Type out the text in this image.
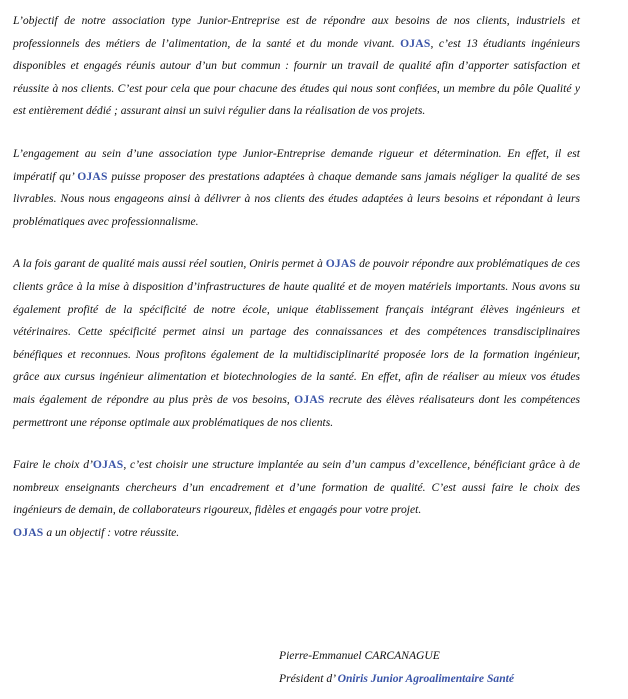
L’objectif de notre association type Junior-Entreprise est de répondre aux besoins de nos clients, industriels et professionnels des métiers de l’alimentation, de la santé et du monde vivant. OJAS, c’est 13 étudiants ingénieurs disponibles et engagés réunis autour d’un but commun : fournir un travail de qualité afin d’apporter satisfaction et réussite à nos clients. C’est pour cela que pour chacune des études qui nous sont confiées, un membre du pôle Qualité y est entièrement dédié ; assurant ainsi un suivi régulier dans la réalisation de vos projets.

L’engagement au sein d’une association type Junior-Entreprise demande rigueur et détermination. En effet, il est impératif qu’ OJAS puisse proposer des prestations adaptées à chaque demande sans jamais négliger la qualité de ses livrables. Nous nous engageons ainsi à délivrer à nos clients des études adaptées à leurs besoins et répondant à leurs problématiques avec professionnalisme.

A la fois garant de qualité mais aussi réel soutien, Oniris permet à OJAS de pouvoir répondre aux problématiques de ces clients grâce à la mise à disposition d’infrastructures de haute qualité et de moyen matériels importants. Nous avons su également profité de la spécificité de notre école, unique établissement français intégrant élèves ingénieurs et vétérinaires. Cette spécificité permet ainsi un partage des connaissances et des compétences transdisciplinaires bénéfiques et reconnues. Nous profitons également de la multidisciplinarité proposée lors de la formation ingénieur, grâce aux cursus ingénieur alimentation et biotechnologies de la santé. En effet, afin de réaliser au mieux vos études mais également de répondre au plus près de vos besoins, OJAS recrute des élèves réalisateurs dont les compétences permettront une réponse optimale aux problématiques de nos clients.

Faire le choix d’OJAS, c’est choisir une structure implantée au sein d’un campus d’excellence, bénéficiant grâce à de nombreux enseignants chercheurs d’un encadrement et d’une formation de qualité. C’est aussi faire le choix des ingénieurs de demain, de collaborateurs rigoureux, fidèles et engagés pour votre projet.

OJAS a un objectif : votre réussite.

Pierre-Emmanuel CARCANAGUE
Président d’ Oniris Junior Agroalimentaire Santé
